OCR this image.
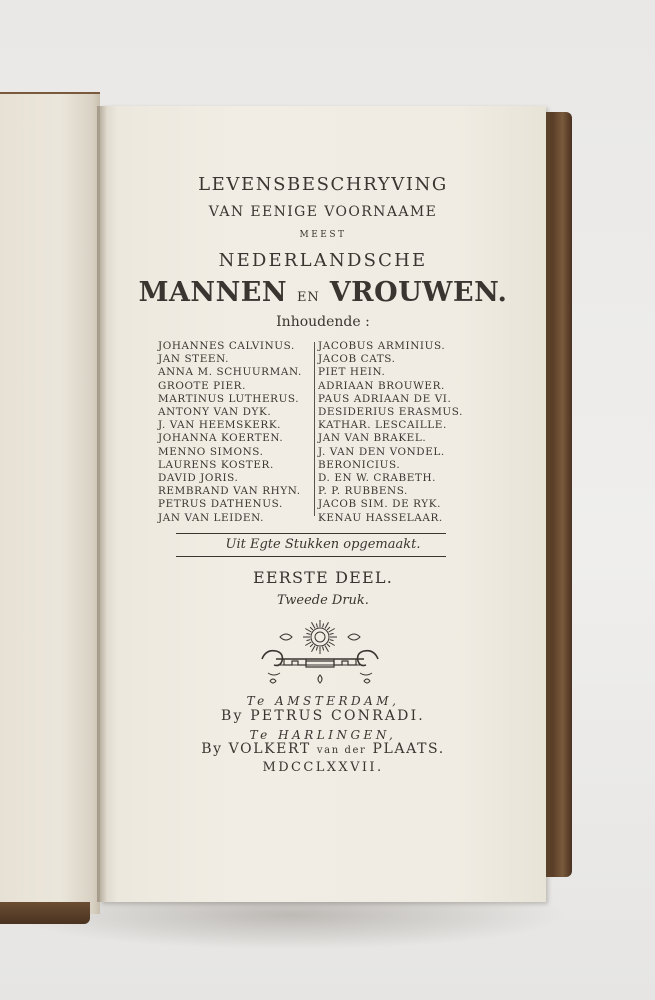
LEVENSBESCHRYVING
VAN EENIGE VOORNAAME
MEEST
NEDERLANDSCHE
MANNEN EN VROUWEN.
Inhoudende :
JOHANNES CALVINUS.
JAN STEEN.
ANNA M. SCHUURMAN.
GROOTE PIER.
MARTINUS LUTHERUS.
ANTONY VAN DYK.
J. VAN HEEMSKERK.
JOHANNA KOERTEN.
MENNO SIMONS.
LAURENS KOSTER.
DAVID JORIS.
REMBRAND VAN RHYN.
PETRUS DATHENUS.
JAN VAN LEIDEN.
JACOBUS ARMINIUS.
JACOB CATS.
PIET HEIN.
ADRIAAN BROUWER.
PAUS ADRIAAN DE VI.
DESIDERIUS ERASMUS.
KATHAR. LESCAILLE.
JAN VAN BRAKEL.
J. VAN DEN VONDEL.
BERONICIUS.
D. EN W. CRABETH.
P. P. RUBBENS.
JACOB SIM. DE RYK.
KENAU HASSELAAR.
Uit Egte Stukken opgemaakt.
EERSTE DEEL.
Tweede Druk.
Te AMSTERDAM,
By PETRUS CONRADI.
Te HARLINGEN,
By VOLKERT van der PLAATS.
MDCCLXXVII.
